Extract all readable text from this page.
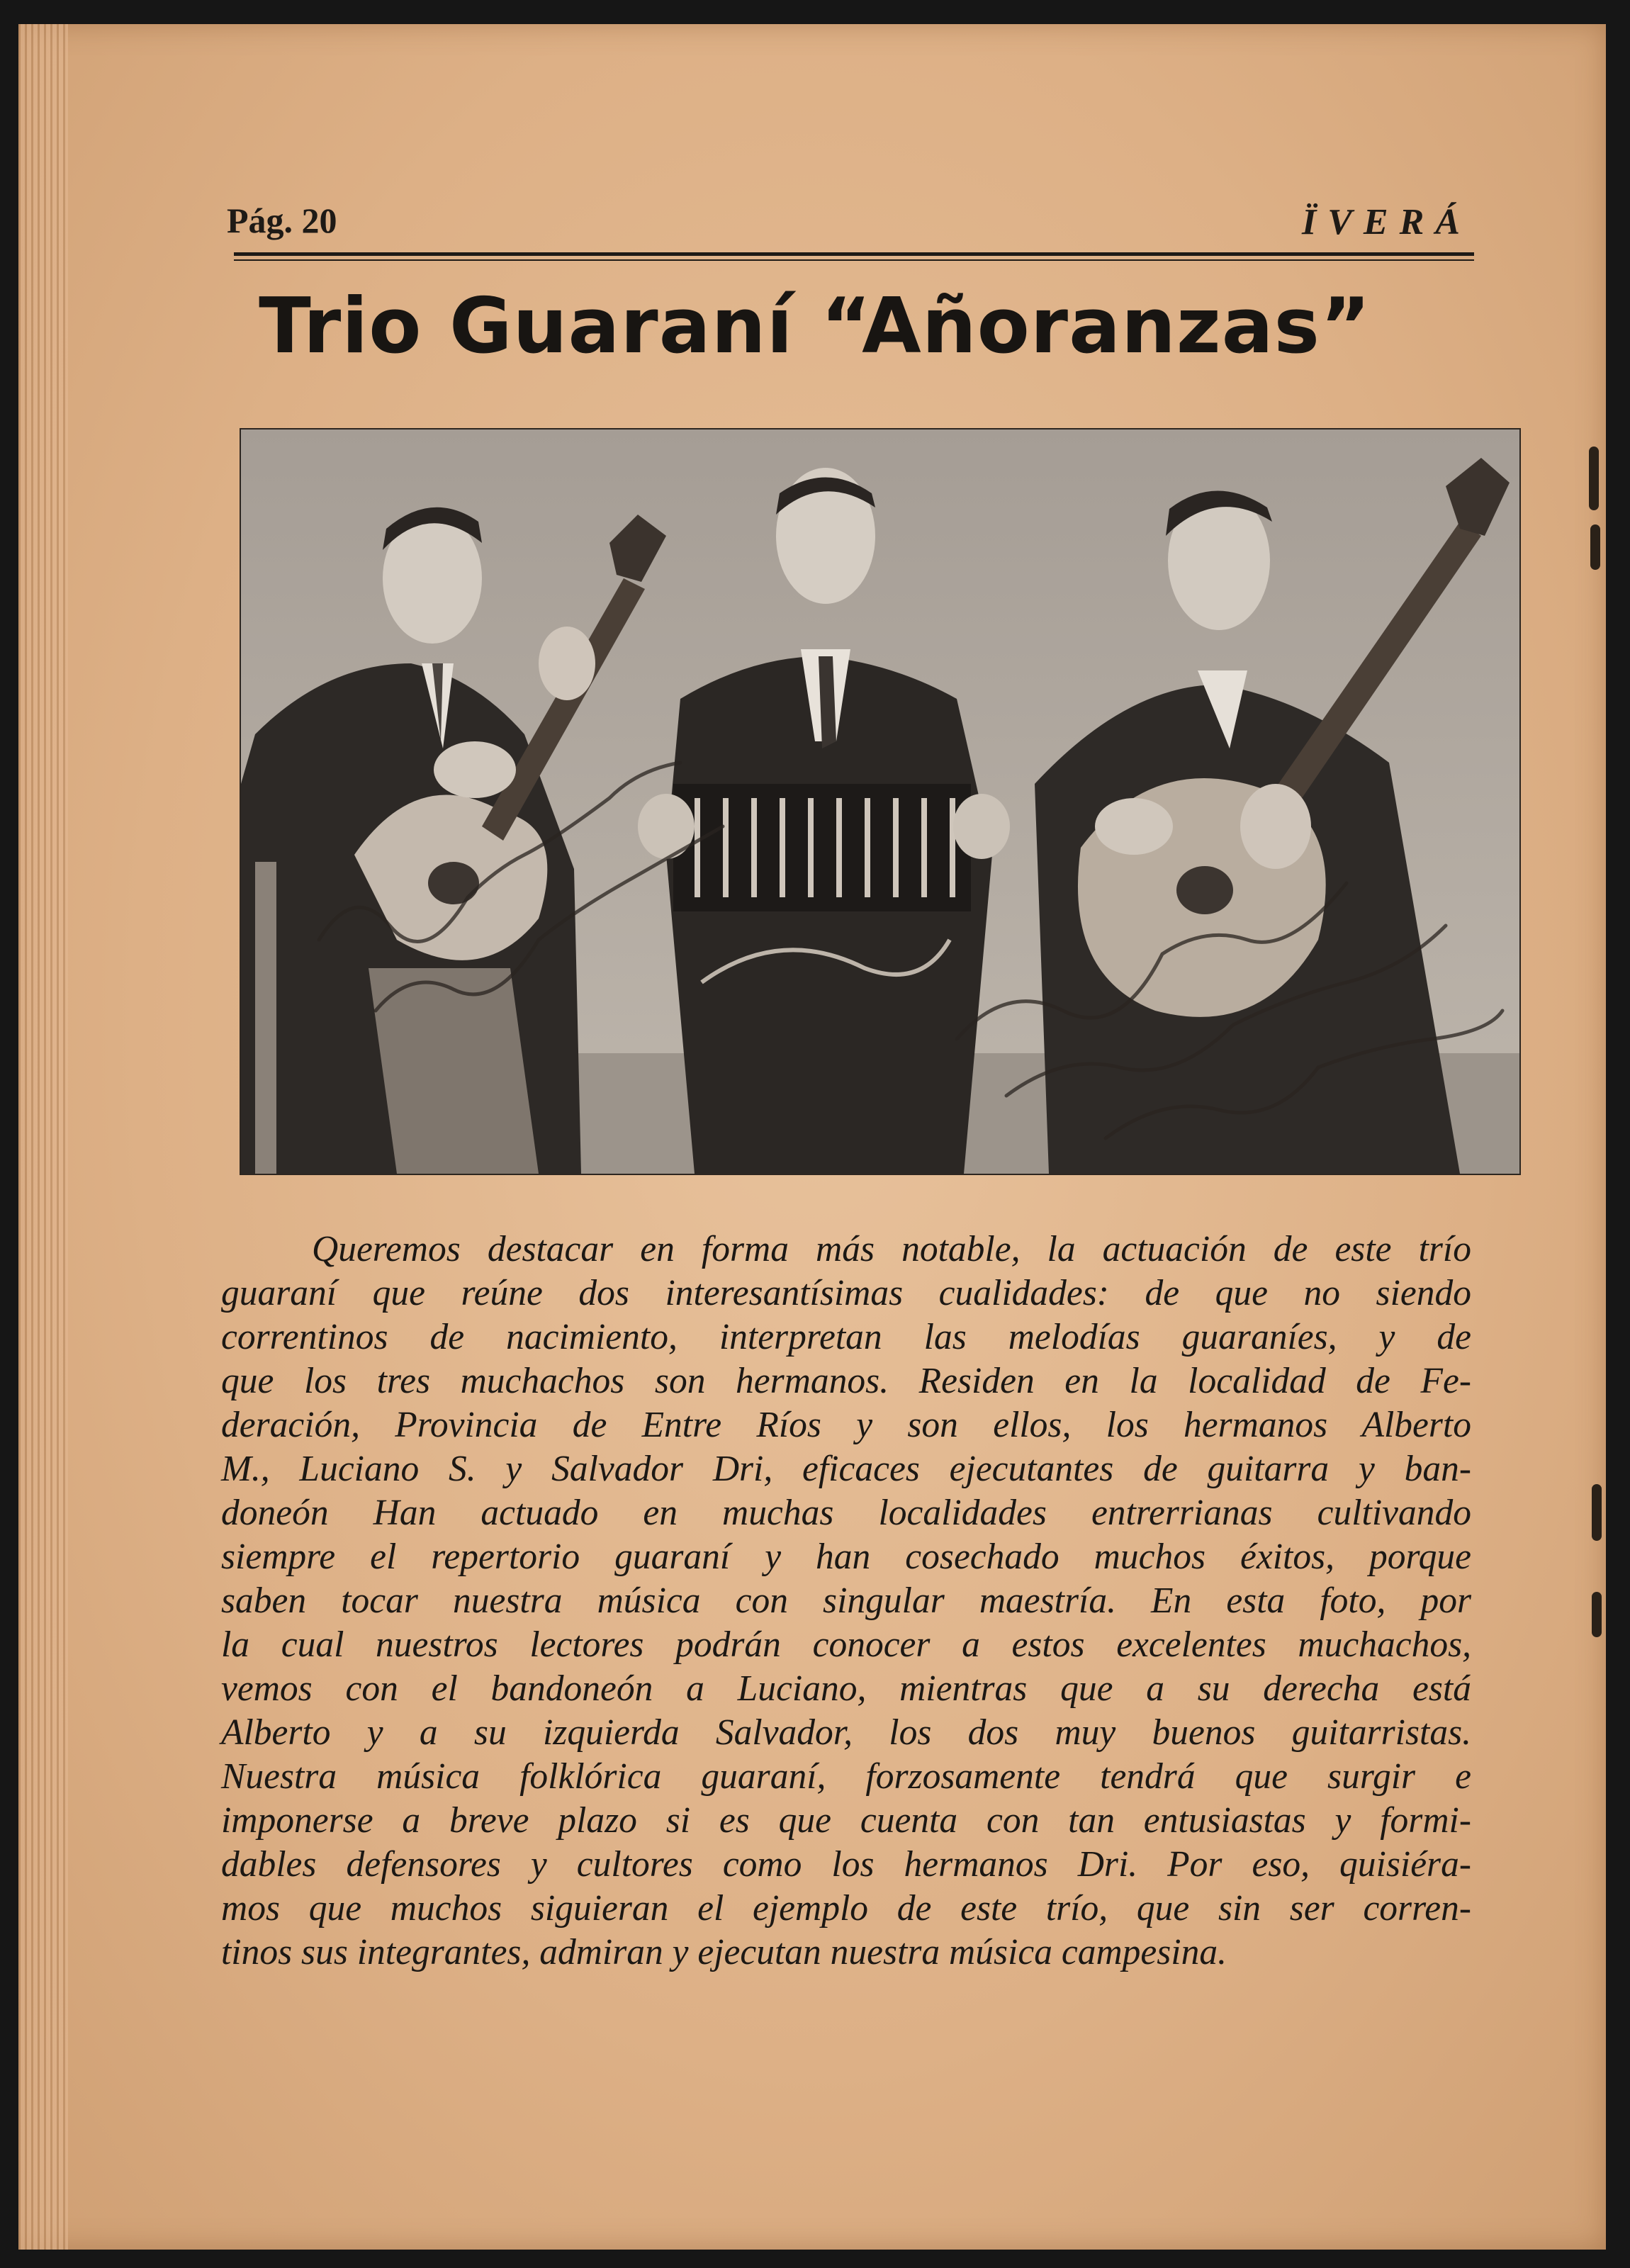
Pág. 20	ÏVERÁ
Trio Guaraní “Añoranzas”
Queremos destacar en forma más notable, la actuación de este trío
guaraní que reúne dos interesantísimas cualidades: de que no siendo
correntinos de nacimiento, interpretan las melodías guaraníes, y de
que los tres muchachos son hermanos. Residen en la localidad de Fe-
deración, Provincia de Entre Ríos y son ellos, los hermanos Alberto
M., Luciano S. y Salvador Dri, eficaces ejecutantes de guitarra y ban-
doneón Han actuado en muchas localidades entrerrianas cultivando
siempre el repertorio guaraní y han cosechado muchos éxitos, porque
saben tocar nuestra música con singular maestría. En esta foto, por
la cual nuestros lectores podrán conocer a estos excelentes muchachos,
vemos con el bandoneón a Luciano, mientras que a su derecha está
Alberto y a su izquierda Salvador, los dos muy buenos guitarristas.
Nuestra música folklórica guaraní, forzosamente tendrá que surgir e
imponerse a breve plazo si es que cuenta con tan entusiastas y formi-
dables defensores y cultores como los hermanos Dri. Por eso, quisiéra-
mos que muchos siguieran el ejemplo de este trío, que sin ser corren-
tinos sus integrantes, admiran y ejecutan nuestra música campesina.
